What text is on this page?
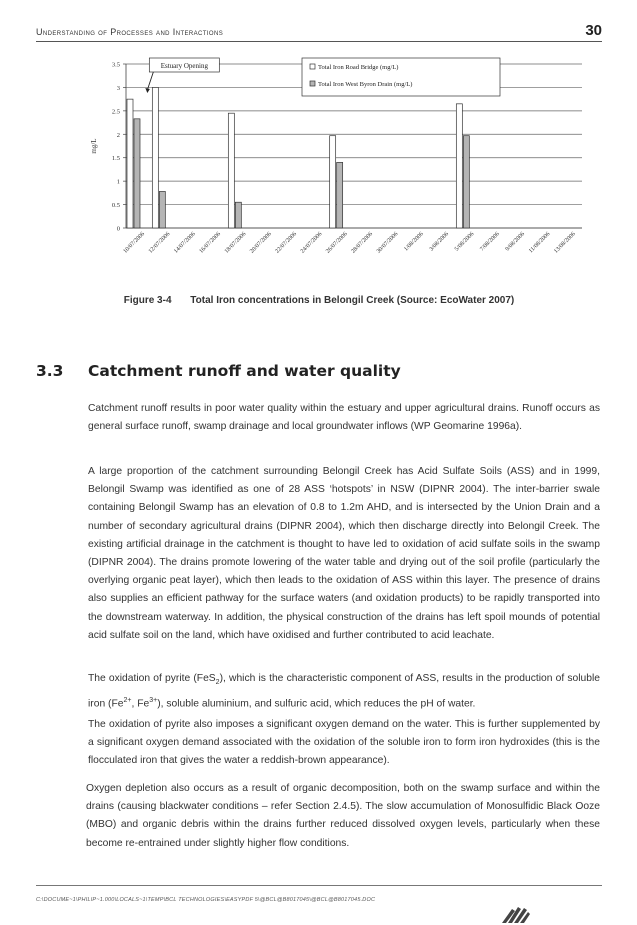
Understanding of Processes and Interactions	30
0
0.5
1
1.5
2
2.5
3
3.5
mg/L
10/07/2006 12/07/2006 14/07/2006 16/07/2006 18/07/2006 20/07/2006 22/07/2006 24/07/2006 26/07/2006 28/07/2006 30/07/2006 1/08/2006 3/08/2006 5/08/2006 7/08/2006 9/08/2006 11/08/2006 13/08/2006
Estuary Opening	Total Iron Road Bridge (mg/L)
Total Iron West Byron Drain (mg/L)
Figure 3-4 Total Iron concentrations in Belongil Creek (Source: EcoWater 2007)
3.3 Catchment runoff and water quality

Catchment runoff results in poor water quality within the estuary and upper agricultural drains. Runoff occurs as general surface runoff, swamp drainage and local groundwater inflows (WP Geomarine 1996a).

A large proportion of the catchment surrounding Belongil Creek has Acid Sulfate Soils (ASS) and in 1999, Belongil Swamp was identified as one of 28 ASS ‘hotspots’ in NSW (DIPNR 2004). The inter-barrier swale containing Belongil Swamp has an elevation of 0.8 to 1.2m AHD, and is intersected by the Union Drain and a number of secondary agricultural drains (DIPNR 2004), which then discharge directly into Belongil Creek. The existing artificial drainage in the catchment is thought to have led to oxidation of acid sulfate soils in the swamp (DIPNR 2004). The drains promote lowering of the water table and drying out of the soil profile (particularly the overlying organic peat layer), which then leads to the oxidation of ASS within this layer. The presence of drains also supplies an efficient pathway for the surface waters (and oxidation products) to be rapidly transported into the downstream waterway. In addition, the physical construction of the drains has left spoil mounds of potential acid sulfate soil on the land, which have oxidised and further contributed to acid leachate.

The oxidation of pyrite (FeS$_2$), which is the characteristic component of ASS, results in the production of soluble iron ($Fe^{2+}$, $Fe^{3+}$), soluble aluminium, and sulfuric acid, which reduces the pH of water.

The oxidation of pyrite also imposes a significant oxygen demand on the water. This is further supplemented by a significant oxygen demand associated with the oxidation of the soluble iron to form iron hydroxides (this is the flocculated iron that gives the water a reddish-brown appearance).

Oxygen depletion also occurs as a result of organic decomposition, both on the swamp surface and within the drains (causing blackwater conditions – refer Section 2.4.5). The slow accumulation of Monosulfidic Black Ooze (MBO) and organic debris within the drains further reduced dissolved oxygen levels, particularly when these become re-entrained under slightly higher flow conditions.

C:\DOCUME~1\PHILIP~1.000\LOCALS~1\TEMP\BCL TECHNOLOGIES\EASYPDF 5\@BCL@B8017045\@BCL@B8017045.DOC
